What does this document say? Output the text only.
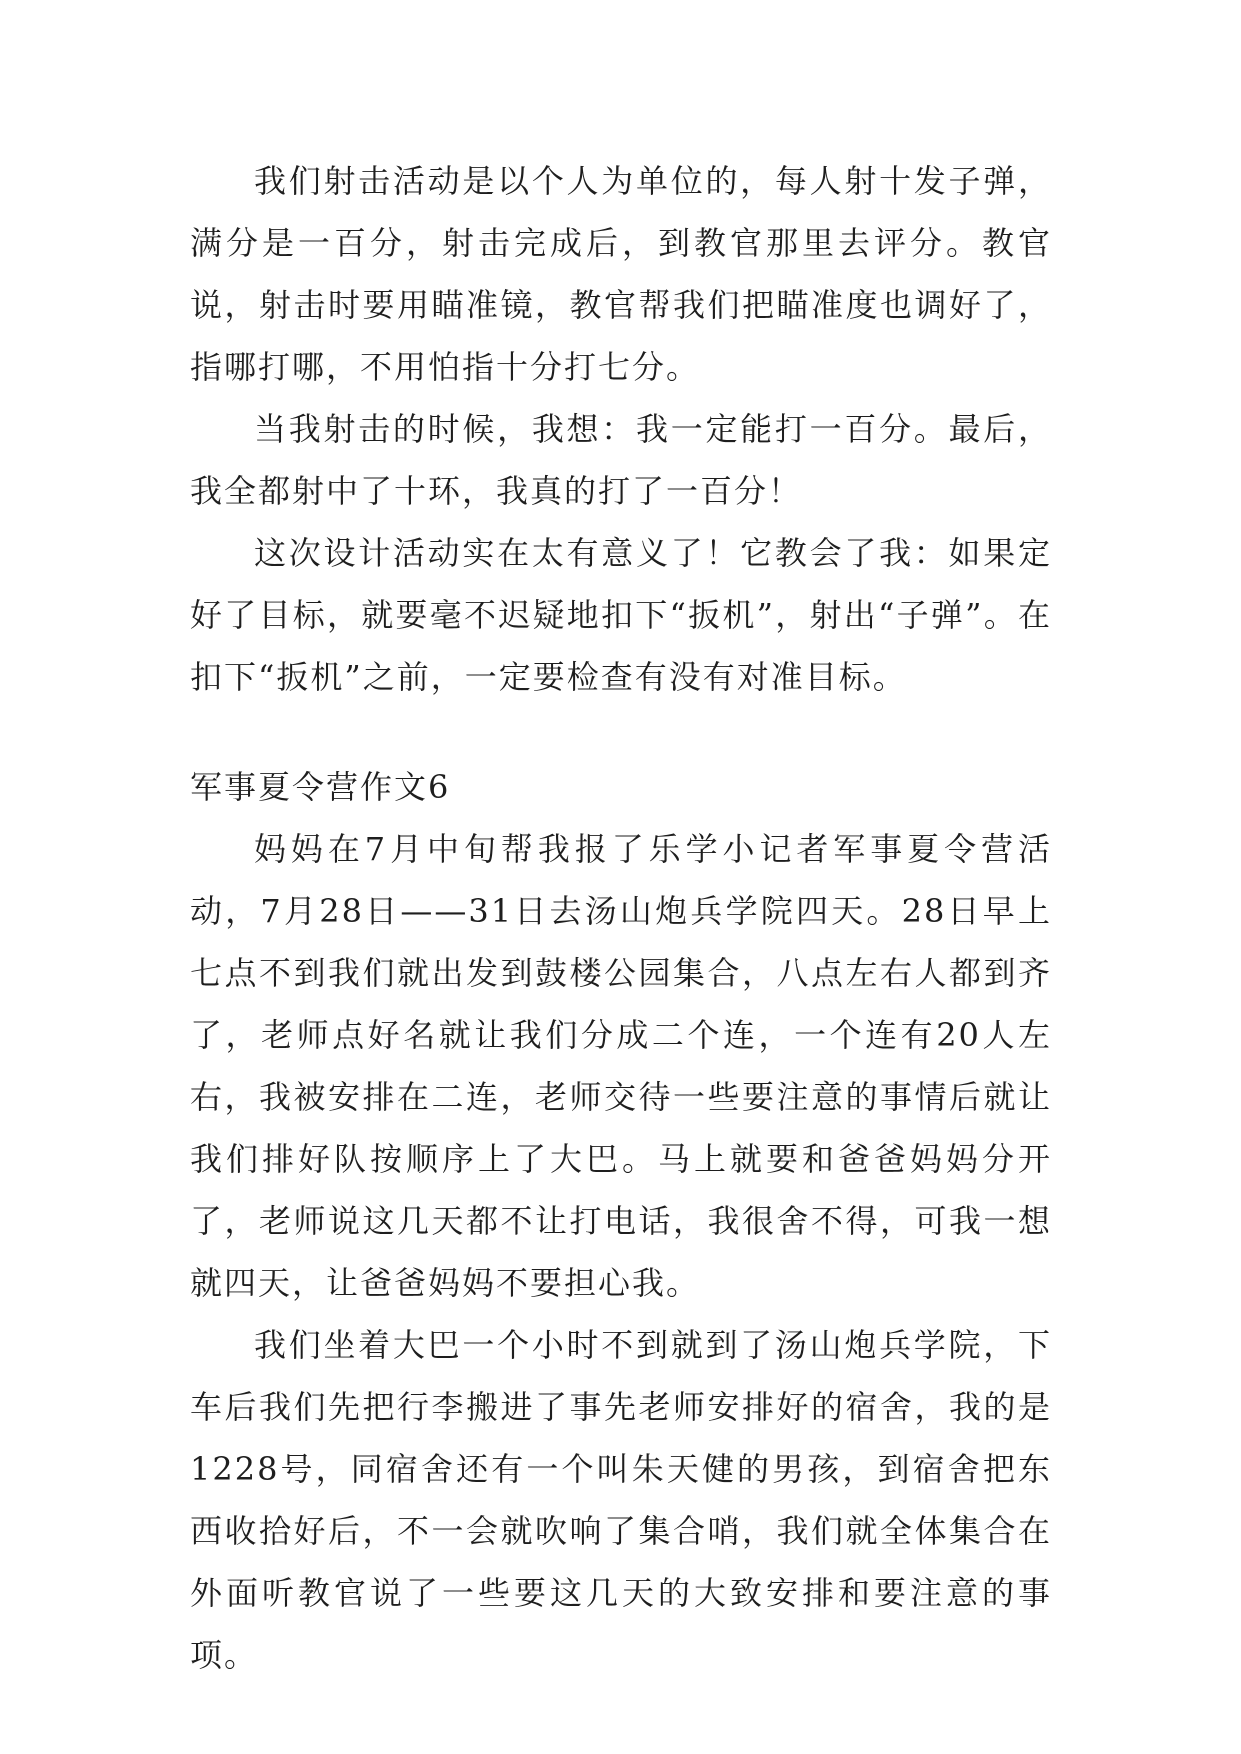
我们射击活动是以个人为单位的，每人射十发子弹，满分是一百分，射击完成后，到教官那里去评分。教官说，射击时要用瞄准镜，教官帮我们把瞄准度也调好了，指哪打哪，不用怕指十分打七分。

当我射击的时候，我想：我一定能打一百分。最后，我全都射中了十环，我真的打了一百分！

这次设计活动实在太有意义了！它教会了我：如果定好了目标，就要毫不迟疑地扣下“扳机”，射出“子弹”。在扣下“扳机”之前，一定要检查有没有对准目标。

军事夏令营作文6

妈妈在7月中旬帮我报了乐学小记者军事夏令营活动，7月28日——31日去汤山炮兵学院四天。28日早上七点不到我们就出发到鼓楼公园集合，八点左右人都到齐了，老师点好名就让我们分成二个连，一个连有20人左右，我被安排在二连，老师交待一些要注意的事情后就让我们排好队按顺序上了大巴。马上就要和爸爸妈妈分开了，老师说这几天都不让打电话，我很舍不得，可我一想就四天，让爸爸妈妈不要担心我。

我们坐着大巴一个小时不到就到了汤山炮兵学院，下车后我们先把行李搬进了事先老师安排好的宿舍，我的是1228号，同宿舍还有一个叫朱天健的男孩，到宿舍把东西收拾好后，不一会就吹响了集合哨，我们就全体集合在外面听教官说了一些要这几天的大致安排和要注意的事项。
